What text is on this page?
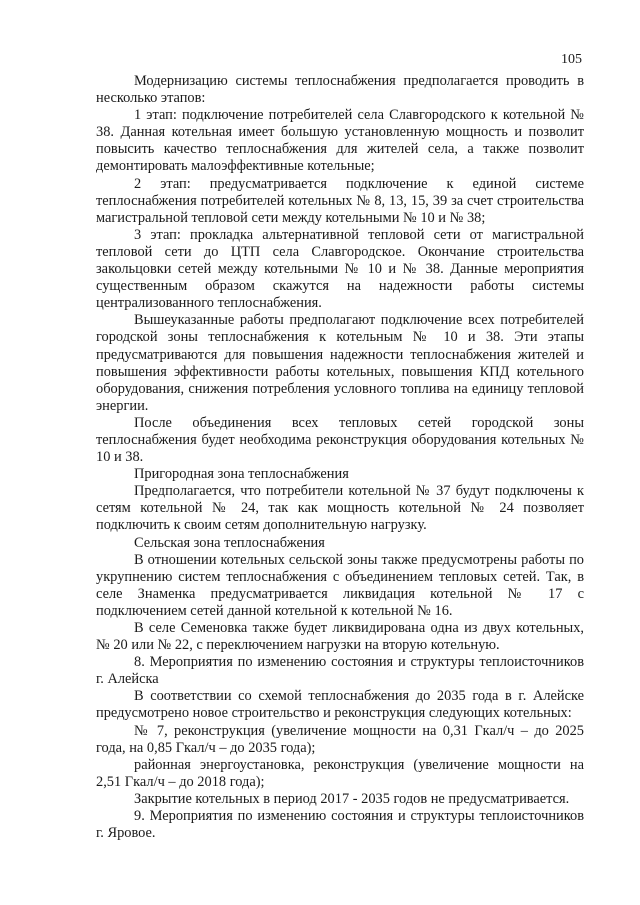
105

Модернизацию системы теплоснабжения предполагается проводить в несколько этапов:

1 этап: подключение потребителей села Славгородского к котельной № 38. Данная котельная имеет большую установленную мощность и позволит повысить качество теплоснабжения для жителей села, а также позволит демонтировать малоэффективные котельные;

2 этап: предусматривается подключение к единой системе теплоснабжения потребителей котельных № 8, 13, 15, 39 за счет строительства магистральной тепловой сети между котельными № 10 и № 38;

3 этап: прокладка альтернативной тепловой сети от магистральной тепловой сети до ЦТП села Славгородское. Окончание строительства закольцовки сетей между котельными № 10 и № 38. Данные мероприятия существенным образом скажутся на надежности работы системы централизованного теплоснабжения.

Вышеуказанные работы предполагают подключение всех потребителей городской зоны теплоснабжения к котельным № 10 и 38. Эти этапы предусматриваются для повышения надежности теплоснабжения жителей и повышения эффективности работы котельных, повышения КПД котельного оборудования, снижения потребления условного топлива на единицу тепловой энергии.

После объединения всех тепловых сетей городской зоны теплоснабжения будет необходима реконструкция оборудования котельных № 10 и 38.

Пригородная зона теплоснабжения

Предполагается, что потребители котельной № 37 будут подключены к сетям котельной № 24, так как мощность котельной № 24 позволяет подключить к своим сетям дополнительную нагрузку.

Сельская зона теплоснабжения

В отношении котельных сельской зоны также предусмотрены работы по укрупнению систем теплоснабжения с объединением тепловых сетей. Так, в селе Знаменка предусматривается ликвидация котельной № 17 с подключением сетей данной котельной к котельной № 16.

В селе Семеновка также будет ликвидирована одна из двух котельных, № 20 или № 22, с переключением нагрузки на вторую котельную.

8. Мероприятия по изменению состояния и структуры теплоисточников г. Алейска

В соответствии со схемой теплоснабжения до 2035 года в г. Алейске предусмотрено новое строительство и реконструкция следующих котельных:

№ 7, реконструкция (увеличение мощности на 0,31 Гкал/ч – до 2025 года, на 0,85 Гкал/ч – до 2035 года);

районная энергоустановка, реконструкция (увеличение мощности на 2,51 Гкал/ч – до 2018 года);

Закрытие котельных в период 2017 - 2035 годов не предусматривается.

9. Мероприятия по изменению состояния и структуры теплоисточников г. Яровое.
